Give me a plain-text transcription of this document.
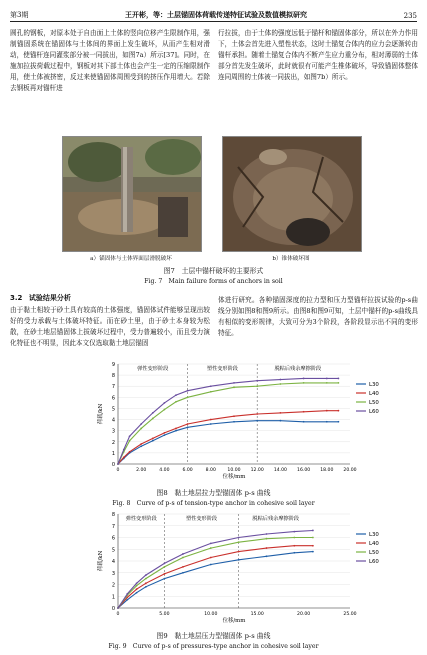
第3期	王开彬，等：土层锚固体荷载传递特征试验及数值模拟研究	235
圆孔的钢板，对原本处于自由面上土体的竖向位移产生限制作用，强制锚固系统在锚固体与土体间的界面上发生破坏，从而产生相对滑动，使锚杆连同灌浆部分被一同拔出，如图7a）所示[37]。同时，在施加拉拔荷载过程中，钢板对其下部土体也会产生一定的压缩限制作用，使土体被挤密，反过来使锚固体周围受到的挤压作用增大。若除去钢板再对锚杆进
行拉拔，由于土体的强度远低于锚杆和锚固体部分，所以在外力作用下，土体会首先进入塑性状态，这时土锚复合体内的应力会逐渐转由锚杆承担。随着土锚复合体内不断产生应力重分布，相对薄弱的土体部分首先发生破坏，此时就很有可能产生椎体破坏，导致锚固体整体连同周围的土体被一同拔出，如图7b）所示。
a）锚固体与土体界面层滑脱破坏	b）锥体破坏图
图7　土层中锚杆破坏的主要形式
Fig. 7　Main failure forms of anchors in soil
3.2 试验结果分析
由于黏土相较于砂土具有较高的土体强度，锚固体试件能够呈现出较好的受力承载与土体破坏特征。而在砂土里，由于砂土本身较为松散，在砂土地层锚固体上拔破坏过程中，受力普遍较小，而且受力演化特征也不明显，因此本文仅选取黏土地层锚固
体进行研究。各种锚固深度的拉力型和压力型锚杆拉拔试验的p-s曲线分别如图8和图9所示。由图8和图9可知，土层中锚杆的p-s曲线具有相似的变形规律，大致可分为3个阶段，各阶段显示出不同的变形特征。
0
1
2
3
4
5
6
7
8
9
0	2.00	4.00	6.00	8.00	10.00 12.00 14.00 16.00 18.00 20.00
弹性变形阶段	塑性变形阶段	脱粘后残余摩擦阶段
位移/mm
荷载/kN
L30
L40
L50
L60
图8　黏土地层拉力型锚固体 p-s 曲线
Fig. 8　Curve of p-s of tension-type anchor in cohesive soil layer
0
1
2
3
4
5
6
7
8
0	5.00	10.00	15.00	20.00	25.00
弹性变形阶段	塑性变形阶段	脱粘后残余摩擦阶段
位移/mm
荷载/kN
L30
L40
L50
L60
图9　黏土地层压力型锚固体 p-s 曲线
Fig. 9　Curve of p-s of pressures-type anchor in cohesive soil layer
